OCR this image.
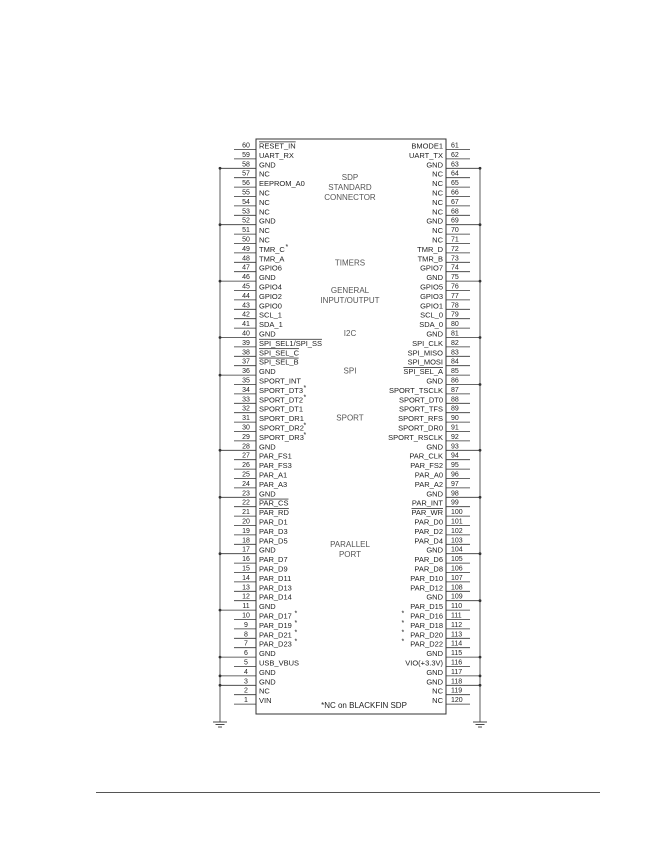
60 RESET_IN
59 UART_RX
58 GND
57 NC
56 EEPROM_A0
55 NC
54 NC
53 NC
52 GND
51 NC
50 NC
49 TMR_C *
48 TMR_A
47 GPIO6
46 GND
45 GPIO4
44 GPIO2
43 GPIO0
42 SCL_1
41 SDA_1
40 GND
39 SPI_SEL1/SPI_SS
38 SPI_SEL_C
37 SPI_SEL_B
36 GND
35 SPORT_INT
34 SPORT_DT3 *
33 SPORT_DT2 *
32 SPORT_DT1
31 SPORT_DR1
30 SPORT_DR2 *
29 SPORT_DR3 *
28 GND
27 PAR_FS1
26 PAR_FS3
25 PAR_A1
24 PAR_A3
23 GND
22 PAR_CS
21 PAR_RD
20 PAR_D1
19 PAR_D3
18 PAR_D5
17 GND
16 PAR_D7
15 PAR_D9
14 PAR_D11
13 PAR_D13
12 PAR_D14
11 GND
10 PAR_D17 *
9 PAR_D19 *
8 PAR_D21 *
7 PAR_D23 *
6 GND
5 USB_VBUS
4 GND
3 GND
2 NC
1 VIN
61
BMODE1
62
UART_TX
63
GND
64
NC
65
NC
66
NC
67
NC
68
NC
69
GND
70
NC
71
NC
72
TMR_D
73
TMR_B
74
GPIO7
75
GND
76
GPIO5
77
GPIO3
78
GPIO1
79
SCL_0
80
SDA_0
81
GND
82
SPI_CLK
83
SPI_MISO
84
SPI_MOSI
85
SPI_SEL_A
86
GND
87
SPORT_TSCLK
88
SPORT_DT0
89
SPORT_TFS
90
SPORT_RFS
91
SPORT_DR0
92
SPORT_RSCLK
93
GND
94
PAR_CLK
95
PAR_FS2
96
PAR_A0
97
PAR_A2
98
GND
99
PAR_INT
100
PAR_WR
101
PAR_D0
102
PAR_D2
103
PAR_D4
104
GND
105
PAR_D6
106
PAR_D8
107
PAR_D10
108
PAR_D12
109
GND
110
PAR_D15
111
PAR_D16
*
112
PAR_D18
*
113
PAR_D20
*
114
PAR_D22
*
115
GND
116
VIO(+3.3V)
117
GND
118
GND
119
NC
120
NC
SDP
STANDARD
CONNECTOR
TIMERS
GENERAL
INPUT/OUTPUT
I2C
SPI
SPORT
PARALLEL
PORT
*NC on BLACKFIN SDP
